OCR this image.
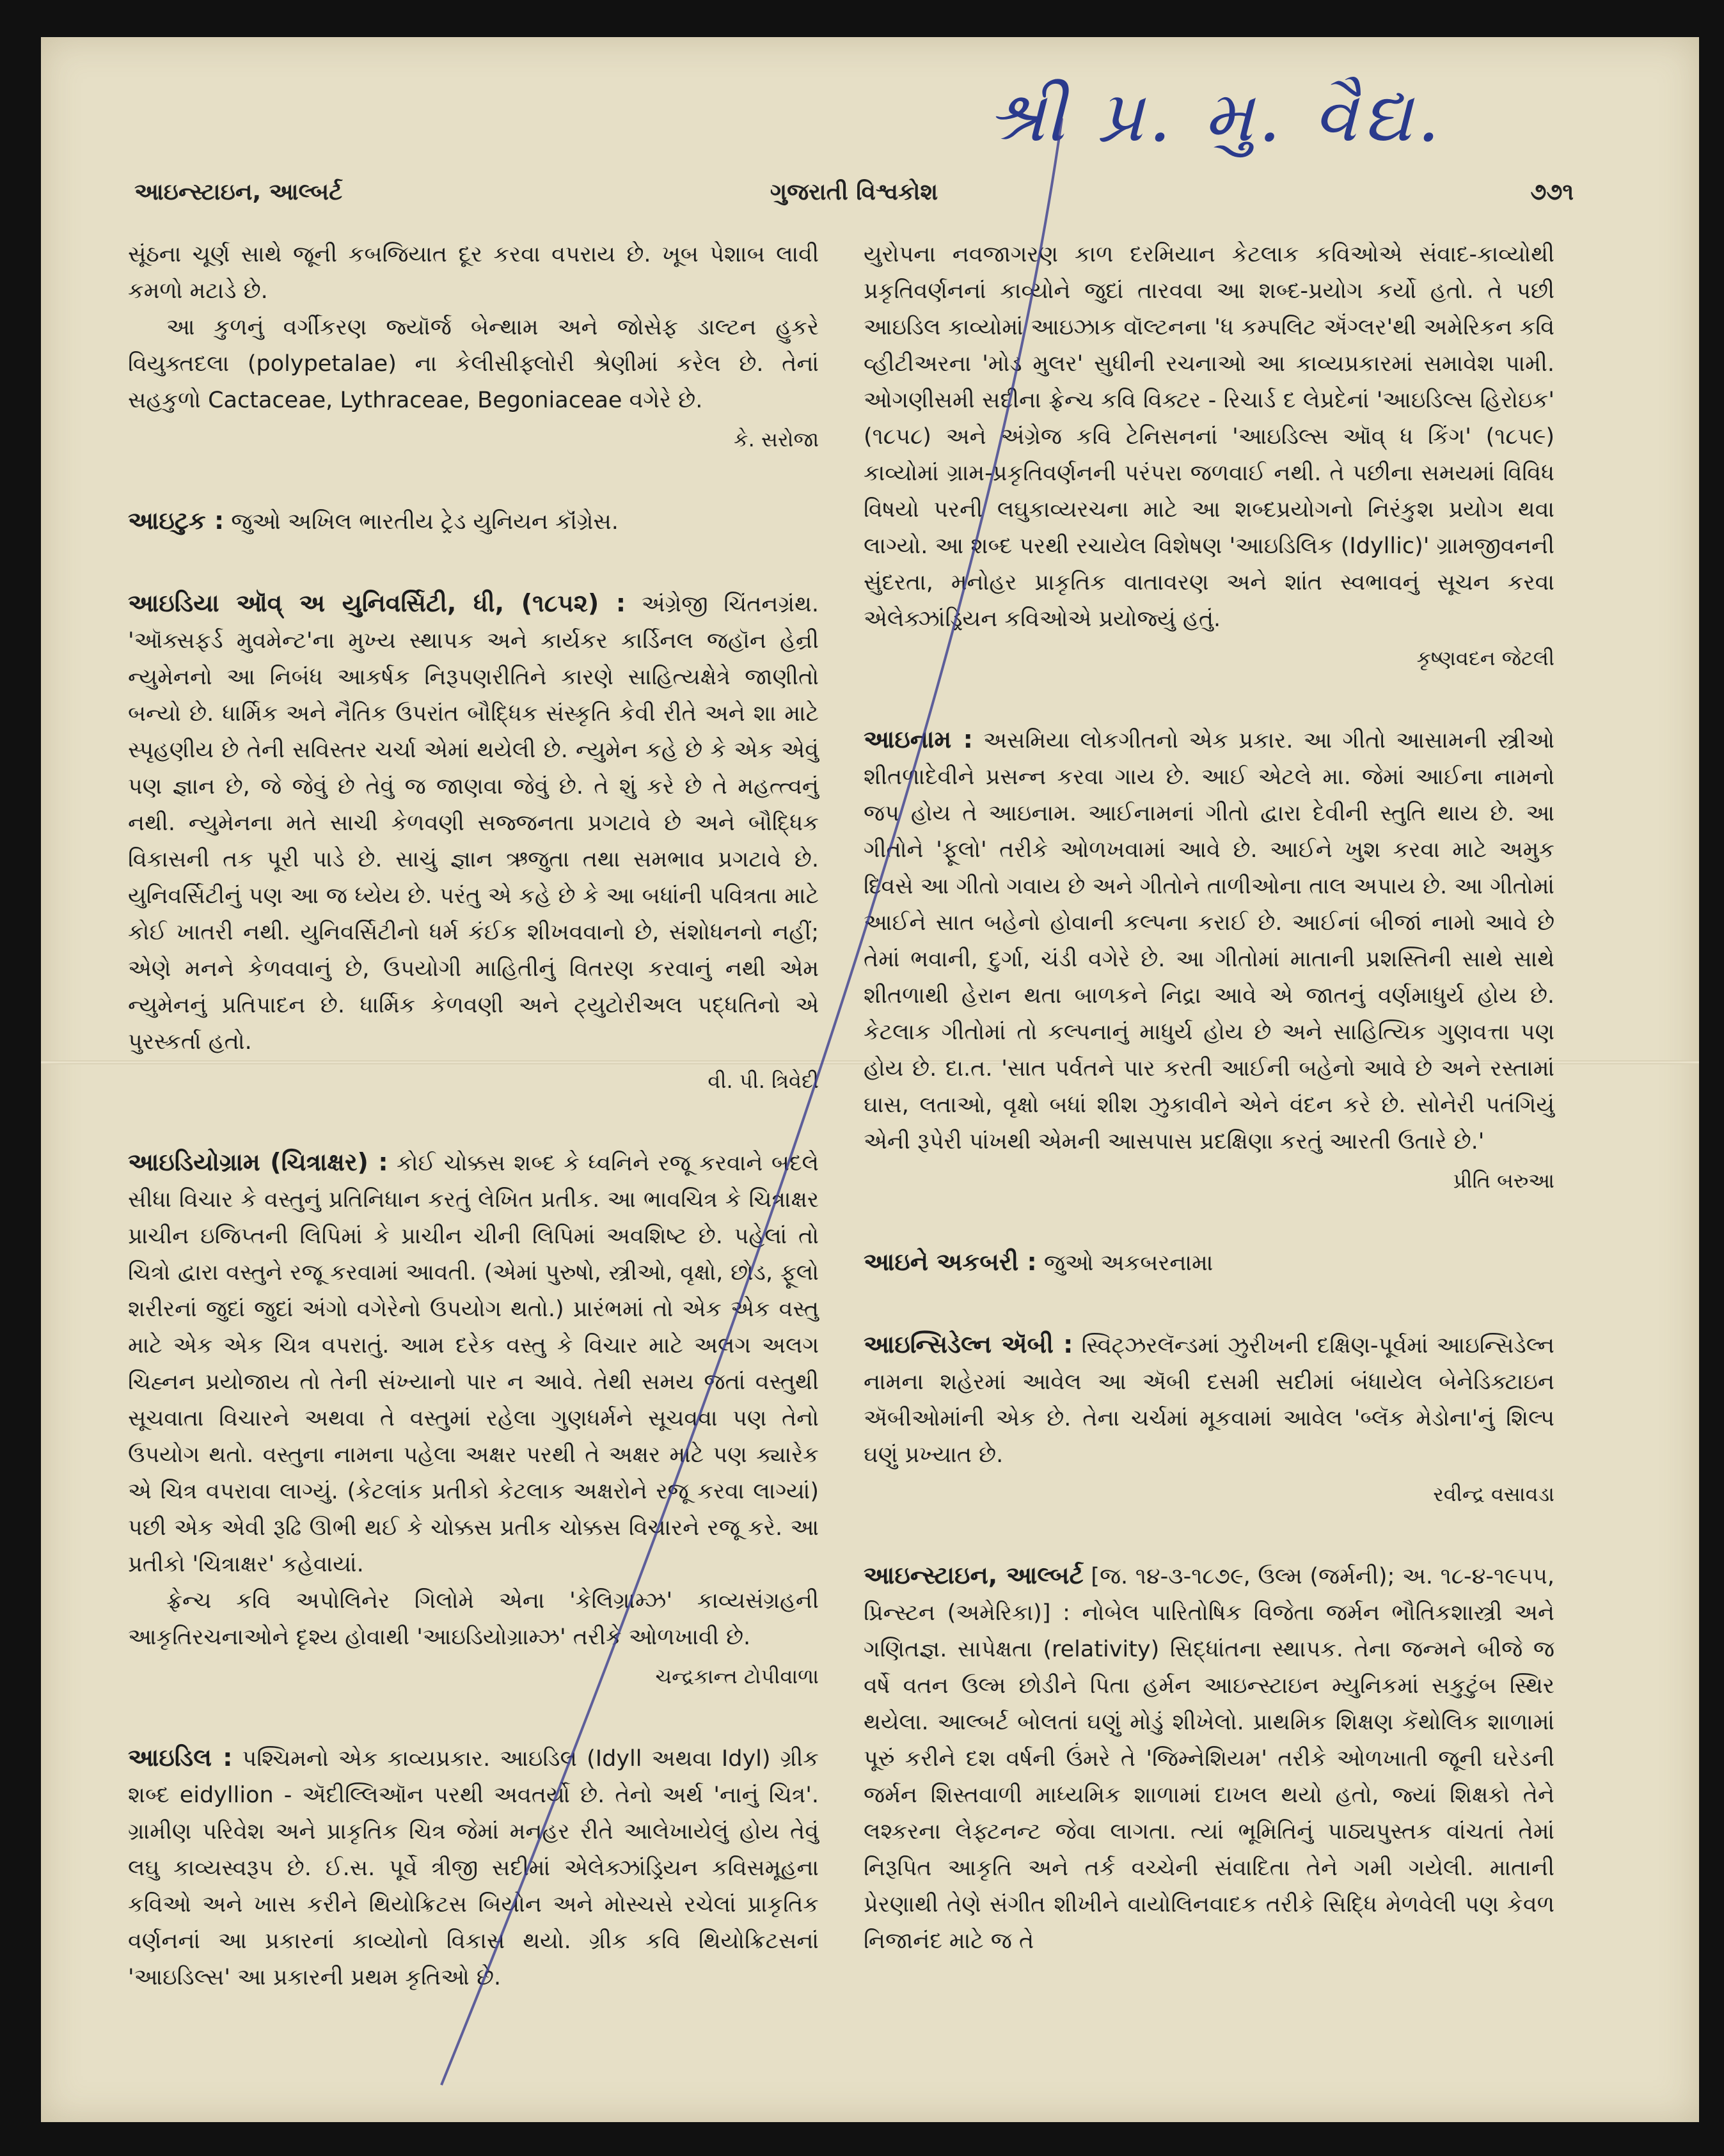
શ્રી પ્ર. મુ. વૈદ્ય.
આઇન્સ્ટાઇન, આલ્બર્ટ	ગુજરાતી વિશ્વકોશ	૭૭૧

સૂંઠના ચૂર્ણ સાથે જૂની કબજિયાત દૂર કરવા વપરાય છે. ખૂબ પેશાબ લાવી કમળો મટાડે છે.

આ કુળનું વર્ગીકરણ જ્યૉર્જ બેન્થામ અને જોસેફ ડાલ્ટન હુકરે વિયુક્તદલા (polypetalae) ના કેલીસીફ્લોરી શ્રેણીમાં કરેલ છે. તેનાં સહકુળો Cactaceae, Lythraceae, Begoniaceae વગેરે છે.

કે. સરોજા

આઇટુક : જુઓ અખિલ ભારતીય ટ્રેડ યુનિયન કૉંગ્રેસ.

આઇડિયા ઑવ્ અ યુનિવર્સિટી, ધી, (૧૮૫૨) : અંગ્રેજી ચિંતનગ્રંથ. 'ઑક્સફર્ડ મુવમેન્ટ'ના મુખ્ય સ્થાપક અને કાર્યકર કાર્ડિનલ જહૉન હેન્રી ન્યુમેનનો આ નિબંધ આકર્ષક નિરૂપણરીતિને કારણે સાહિત્યક્ષેત્રે જાણીતો બન્યો છે. ધાર્મિક અને નૈતિક ઉપરાંત બૌદ્ધિક સંસ્કૃતિ કેવી રીતે અને શા માટે સ્પૃહણીય છે તેની સવિસ્તર ચર્ચા એમાં થયેલી છે. ન્યુમેન કહે છે કે એક એવું પણ જ્ઞાન છે, જે જેવું છે તેવું જ જાણવા જેવું છે. તે શું કરે છે તે મહત્ત્વનું નથી. ન્યુમેનના મતે સાચી કેળવણી સજ્જનતા પ્રગટાવે છે અને બૌદ્ધિક વિકાસની તક પૂરી પાડે છે. સાચું જ્ઞાન ઋજુતા તથા સમભાવ પ્રગટાવે છે. યુનિવર્સિટીનું પણ આ જ ધ્યેય છે. પરંતુ એ કહે છે કે આ બધાંની પવિત્રતા માટે કોઈ ખાતરી નથી. યુનિવર્સિટીનો ધર્મ કંઈક શીખવવાનો છે, સંશોધનનો નહીં; એણે મનને કેળવવાનું છે, ઉપયોગી માહિતીનું વિતરણ કરવાનું નથી એમ ન્યુમેનનું પ્રતિપાદન છે. ધાર્મિક કેળવણી અને ટ્યુટોરીઅલ પદ્ધતિનો એ પુરસ્કર્તા હતો.

વી. પી. ત્રિવેદી

આઇડિયોગ્રામ (ચિત્રાક્ષર) : કોઈ ચોક્કસ શબ્દ કે ધ્વનિને રજૂ કરવાને બદલે સીધા વિચાર કે વસ્તુનું પ્રતિનિધાન કરતું લેખિત પ્રતીક. આ ભાવચિત્ર કે ચિત્રાક્ષર પ્રાચીન ઇજિપ્તની લિપિમાં કે પ્રાચીન ચીની લિપિમાં અવશિષ્ટ છે. પહેલાં તો ચિત્રો દ્વારા વસ્તુને રજૂ કરવામાં આવતી. (એમાં પુરુષો, સ્ત્રીઓ, વૃક્ષો, છોડ, ફૂલો શરીરનાં જુદાં જુદાં અંગો વગેરેનો ઉપયોગ થતો.) પ્રારંભમાં તો એક એક વસ્તુ માટે એક એક ચિત્ર વપરાતું. આમ દરેક વસ્તુ કે વિચાર માટે અલગ અલગ ચિહ્નન પ્રયોજાય તો તેની સંખ્યાનો પાર ન આવે. તેથી સમય જતાં વસ્તુથી સૂચવાતા વિચારને અથવા તે વસ્તુમાં રહેલા ગુણધર્મને સૂચવવા પણ તેનો ઉપયોગ થતો. વસ્તુના નામના પહેલા અક્ષર પરથી તે અક્ષર માટે પણ ક્યારેક એ ચિત્ર વપરાવા લાગ્યું. (કેટલાંક પ્રતીકો કેટલાક અક્ષરોને રજૂ કરવા લાગ્યાં) પછી એક એવી રૂઢિ ઊભી થઈ કે ચોક્કસ પ્રતીક ચોક્કસ વિચારને રજૂ કરે. આ પ્રતીકો 'ચિત્રાક્ષર' કહેવાયાં.

ફ્રેન્ચ કવિ અપોલિનેર ગિલોમે એના 'કેલિગ્રામ્ઝ' કાવ્યસંગ્રહની આકૃતિરચનાઓને દૃશ્ય હોવાથી 'આઇડિયોગ્રામ્ઝ' તરીકે ઓળખાવી છે.

ચન્દ્રકાન્ત ટોપીવાળા

આઇડિલ : પશ્ચિમનો એક કાવ્યપ્રકાર. આઇડિલ (Idyll અથવા Idyl) ગ્રીક શબ્દ eidyllion - ઍદીલ્લિઑન પરથી અવતર્યો છે. તેનો અર્થ 'નાનું ચિત્ર'. ગ્રામીણ પરિવેશ અને પ્રાકૃતિક ચિત્ર જેમાં મનહર રીતે આલેખાયેલું હોય તેવું લઘુ કાવ્યસ્વરૂપ છે. ઈ.સ. પૂર્વે ત્રીજી સદીમાં એલેક્ઝાંડ્રિયન કવિસમૂહના કવિઓ અને ખાસ કરીને થિયોક્રિટસ બિયોન અને મોસ્ચસે રચેલાં પ્રાકૃતિક વર્ણનનાં આ પ્રકારનાં કાવ્યોનો વિકાસ થયો. ગ્રીક કવિ થિયોક્રિટસનાં 'આઇડિલ્સ' આ પ્રકારની પ્રથમ કૃતિઓ છે.

યુરોપના નવજાગરણ કાળ દરમિયાન કેટલાક કવિઓએ સંવાદ-કાવ્યોથી પ્રકૃતિવર્ણનનાં કાવ્યોને જુદાં તારવવા આ શબ્દ-પ્રયોગ કર્યો હતો. તે પછી આઇડિલ કાવ્યોમાં આઇઝાક વૉલ્ટનના 'ધ કમ્પલિટ ઍંગ્લર'થી અમેરિકન કવિ વ્હીટીઅરના 'મોડ મુલર' સુધીની રચનાઓ આ કાવ્યપ્રકારમાં સમાવેશ પામી. ઓગણીસમી સદીના ફ્રેન્ચ કવિ વિક્ટર - રિચાર્ડ દ લેપ્રદેનાં 'આઇડિલ્સ હિરોઇક' (૧૮૫૮) અને અંગ્રેજ કવિ ટેનિસનનાં 'આઇડિલ્સ ઑવ્ ધ કિંગ' (૧૮૫૯) કાવ્યોમાં ગ્રામ-પ્રકૃતિવર્ણનની પરંપરા જળવાઈ નથી. તે પછીના સમયમાં વિવિધ વિષયો પરની લઘુકાવ્યરચના માટે આ શબ્દપ્રયોગનો નિરંકુશ પ્રયોગ થવા લાગ્યો. આ શબ્દ પરથી રચાયેલ વિશેષણ 'આઇડિલિક (Idyllic)' ગ્રામજીવનની સુંદરતા, મનોહર પ્રાકૃતિક વાતાવરણ અને શાંત સ્વભાવનું સૂચન કરવા એલેક્ઝાંડ્રિયન કવિઓએ પ્રયોજ્યું હતું.

કૃષ્ણવદન જેટલી

આઇનામ : અસમિયા લોકગીતનો એક પ્રકાર. આ ગીતો આસામની સ્ત્રીઓ શીતળાદેવીને પ્રસન્ન કરવા ગાય છે. આઈ એટલે મા. જેમાં આઈના નામનો જપ હોય તે આઇનામ. આઈનામનાં ગીતો દ્વારા દેવીની સ્તુતિ થાય છે. આ ગીતોને 'ફૂલો' તરીકે ઓળખવામાં આવે છે. આઈને ખુશ કરવા માટે અમુક દિવસે આ ગીતો ગવાય છે અને ગીતોને તાળીઓના તાલ અપાય છે. આ ગીતોમાં આઈને સાત બહેનો હોવાની કલ્પના કરાઈ છે. આઈનાં બીજાં નામો આવે છે તેમાં ભવાની, દુર્ગા, ચંડી વગેરે છે. આ ગીતોમાં માતાની પ્રશસ્તિની સાથે સાથે શીતળાથી હેરાન થતા બાળકને નિદ્રા આવે એ જાતનું વર્ણમાધુર્ય હોય છે. કેટલાક ગીતોમાં તો કલ્પનાનું માધુર્ય હોય છે અને સાહિત્યિક ગુણવત્તા પણ હોય છે. દા.ત. 'સાત પર્વતને પાર કરતી આઈની બહેનો આવે છે અને રસ્તામાં ઘાસ, લતાઓ, વૃક્ષો બધાં શીશ ઝુકાવીને એને વંદન કરે છે. સોનેરી પતંગિયું એની રૂપેરી પાંખથી એમની આસપાસ પ્રદક્ષિણા કરતું આરતી ઉતારે છે.'

પ્રીતિ બરુઆ

આઇને અકબરી : જુઓ અકબરનામા

આઇન્સિડેલ્ન ઍબી : સ્વિટ્ઝરલૅન્ડમાં ઝુરીખની દક્ષિણ-પૂર્વમાં આઇન્સિડેલ્ન નામના શહેરમાં આવેલ આ ઍબી દસમી સદીમાં બંધાયેલ બેનેડિક્ટાઇન ઍબીઓમાંની એક છે. તેના ચર્ચમાં મૂકવામાં આવેલ 'બ્લૅક મેડોના'નું શિલ્પ ઘણું પ્રખ્યાત છે.

રવીન્દ્ર વસાવડા

આઇન્સ્ટાઇન, આલ્બર્ટ [જ. ૧૪-૩-૧૮૭૯, ઉલ્મ (જર્મની); અ. ૧૮-૪-૧૯૫૫, પ્રિન્સ્ટન (અમેરિકા)] : નોબેલ પારિતોષિક વિજેતા જર્મન ભૌતિકશાસ્ત્રી અને ગણિતજ્ઞ. સાપેક્ષતા (relativity) સિદ્ધાંતના સ્થાપક. તેના જન્મને બીજે જ વર્ષે વતન ઉલ્મ છોડીને પિતા હર્મન આઇન્સ્ટાઇન મ્યુનિકમાં સકુટુંબ સ્થિર થયેલા. આલ્બર્ટ બોલતાં ઘણું મોડું શીખેલો. પ્રાથમિક શિક્ષણ કૅથોલિક શાળામાં પૂરું કરીને દશ વર્ષની ઉંમરે તે 'જિમ્નેશિયમ' તરીકે ઓળખાતી જૂની ઘરેડની જર્મન શિસ્તવાળી માધ્યમિક શાળામાં દાખલ થયો હતો, જ્યાં શિક્ષકો તેને લશ્કરના લેફ્ટનન્ટ જેવા લાગતા. ત્યાં ભૂમિતિનું પાઠ્યપુસ્તક વાંચતાં તેમાં નિરૂપિત આકૃતિ અને તર્ક વચ્ચેની સંવાદિતા તેને ગમી ગયેલી. માતાની પ્રેરણાથી તેણે સંગીત શીખીને વાયોલિનવાદક તરીકે સિદ્ધિ મેળવેલી પણ કેવળ નિજાનંદ માટે જ તે
